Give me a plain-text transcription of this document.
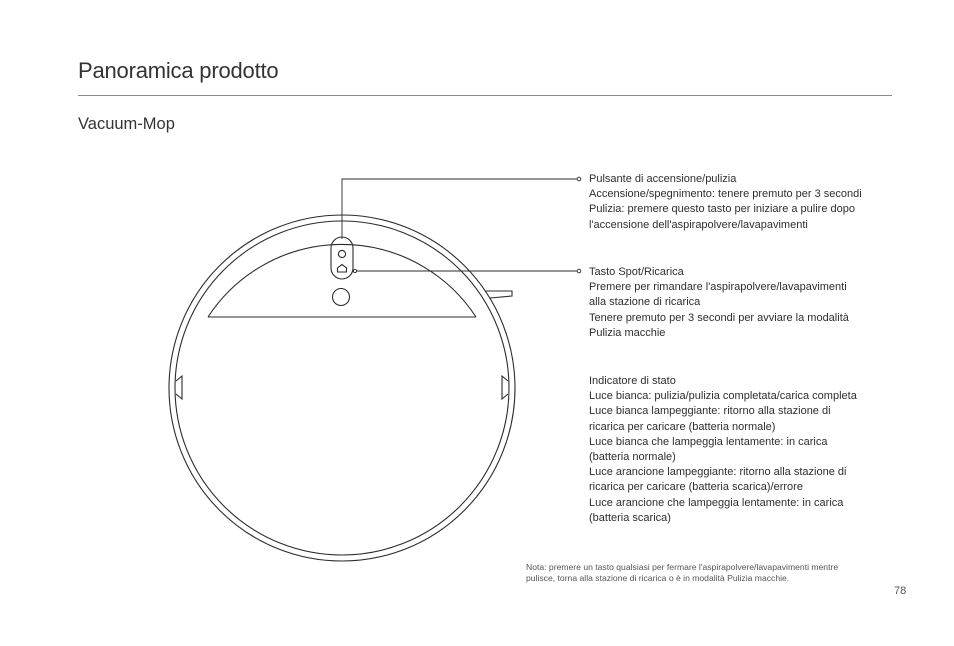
Panoramica prodotto
Vacuum-Mop
Pulsante di accensione/pulizia
Accensione/spegnimento: tenere premuto per 3 secondi
Pulizia: premere questo tasto per iniziare a pulire dopo
l'accensione dell'aspirapolvere/lavapavimenti
Tasto Spot/Ricarica
Premere per rimandare l'aspirapolvere/lavapavimenti
alla stazione di ricarica
Tenere premuto per 3 secondi per avviare la modalità
Pulizia macchie
Indicatore di stato
Luce bianca: pulizia/pulizia completata/carica completa
Luce bianca lampeggiante: ritorno alla stazione di
ricarica per caricare (batteria normale)
Luce bianca che lampeggia lentamente: in carica
(batteria normale)
Luce arancione lampeggiante: ritorno alla stazione di
ricarica per caricare (batteria scarica)/errore
Luce arancione che lampeggia lentamente: in carica
(batteria scarica)
Nota: premere un tasto qualsiasi per fermare l'aspirapolvere/lavapavimenti mentre
pulisce, torna alla stazione di ricarica o è in modalità Pulizia macchie.
78
